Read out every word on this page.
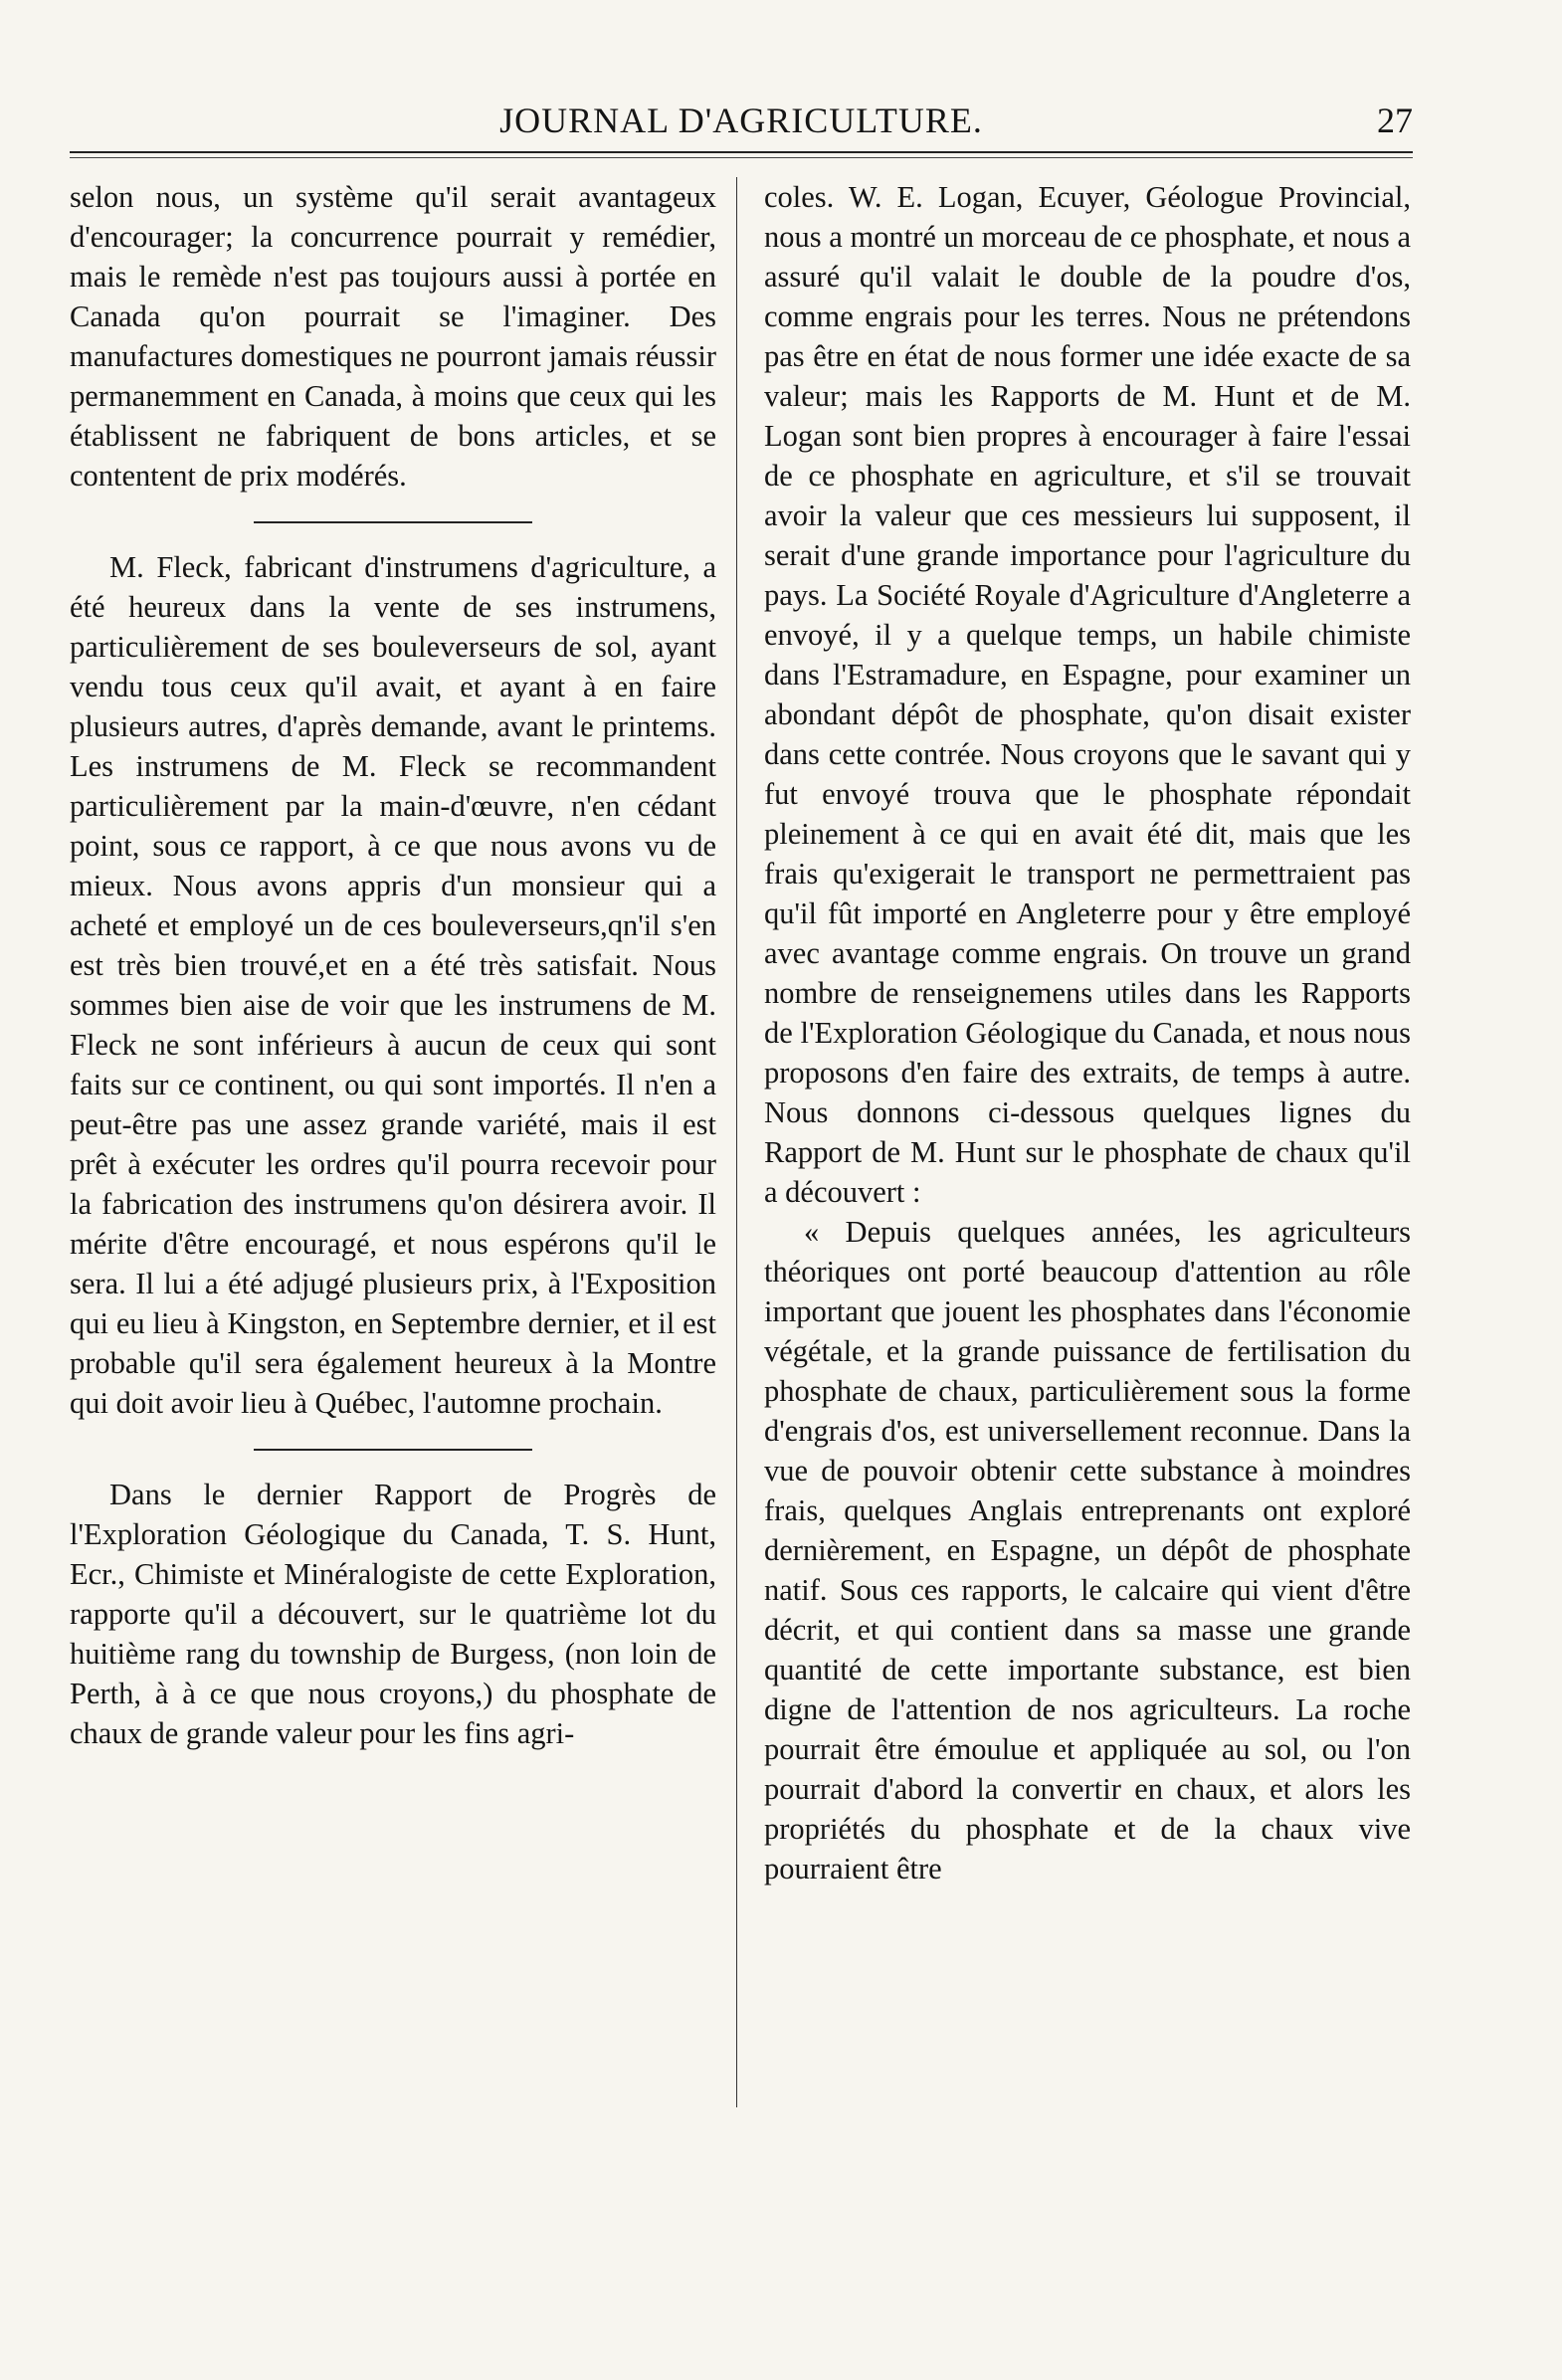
JOURNAL D'AGRICULTURE.	27

selon nous, un système qu'il serait avantageux d'encourager; la concurrence pourrait y remédier, mais le remède n'est pas toujours aussi à portée en Canada qu'on pourrait se l'imaginer. Des manufactures domestiques ne pourront jamais réussir permanemment en Canada, à moins que ceux qui les établissent ne fabriquent de bons articles, et se contentent de prix modérés.

M. Fleck, fabricant d'instrumens d'agriculture, a été heureux dans la vente de ses instrumens, particulièrement de ses bouleverseurs de sol, ayant vendu tous ceux qu'il avait, et ayant à en faire plusieurs autres, d'après demande, avant le printems. Les instrumens de M. Fleck se recommandent particulièrement par la main-d'œuvre, n'en cédant point, sous ce rapport, à ce que nous avons vu de mieux. Nous avons appris d'un monsieur qui a acheté et employé un de ces bouleverseurs,qn'il s'en est très bien trouvé,et en a été très satisfait. Nous sommes bien aise de voir que les instrumens de M. Fleck ne sont inférieurs à aucun de ceux qui sont faits sur ce continent, ou qui sont importés. Il n'en a peut-être pas une assez grande variété, mais il est prêt à exécuter les ordres qu'il pourra recevoir pour la fabrication des instrumens qu'on désirera avoir. Il mérite d'être encouragé, et nous espérons qu'il le sera. Il lui a été adjugé plusieurs prix, à l'Exposition qui eu lieu à Kingston, en Septembre dernier, et il est probable qu'il sera également heureux à la Montre qui doit avoir lieu à Québec, l'automne prochain.

Dans le dernier Rapport de Progrès de l'Exploration Géologique du Canada, T. S. Hunt, Ecr., Chimiste et Minéralogiste de cette Exploration, rapporte qu'il a découvert, sur le quatrième lot du huitième rang du township de Burgess, (non loin de Perth, à à ce que nous croyons,) du phosphate de chaux de grande valeur pour les fins agri-

coles. W. E. Logan, Ecuyer, Géologue Provincial, nous a montré un morceau de ce phosphate, et nous a assuré qu'il valait le double de la poudre d'os, comme engrais pour les terres. Nous ne prétendons pas être en état de nous former une idée exacte de sa valeur; mais les Rapports de M. Hunt et de M. Logan sont bien propres à encourager à faire l'essai de ce phosphate en agriculture, et s'il se trouvait avoir la valeur que ces messieurs lui supposent, il serait d'une grande importance pour l'agriculture du pays. La Société Royale d'Agriculture d'Angleterre a envoyé, il y a quelque temps, un habile chimiste dans l'Estramadure, en Espagne, pour examiner un abondant dépôt de phosphate, qu'on disait exister dans cette contrée. Nous croyons que le savant qui y fut envoyé trouva que le phosphate répondait pleinement à ce qui en avait été dit, mais que les frais qu'exigerait le transport ne permettraient pas qu'il fût importé en Angleterre pour y être employé avec avantage comme engrais. On trouve un grand nombre de renseignemens utiles dans les Rapports de l'Exploration Géologique du Canada, et nous nous proposons d'en faire des extraits, de temps à autre. Nous donnons ci-dessous quelques lignes du Rapport de M. Hunt sur le phosphate de chaux qu'il a découvert :

« Depuis quelques années, les agriculteurs théoriques ont porté beaucoup d'attention au rôle important que jouent les phosphates dans l'économie végétale, et la grande puissance de fertilisation du phosphate de chaux, particulièrement sous la forme d'engrais d'os, est universellement reconnue. Dans la vue de pouvoir obtenir cette substance à moindres frais, quelques Anglais entreprenants ont exploré dernièrement, en Espagne, un dépôt de phosphate natif. Sous ces rapports, le calcaire qui vient d'être décrit, et qui contient dans sa masse une grande quantité de cette importante substance, est bien digne de l'attention de nos agriculteurs. La roche pourrait être émoulue et appliquée au sol, ou l'on pourrait d'abord la convertir en chaux, et alors les propriétés du phosphate et de la chaux vive pourraient être
